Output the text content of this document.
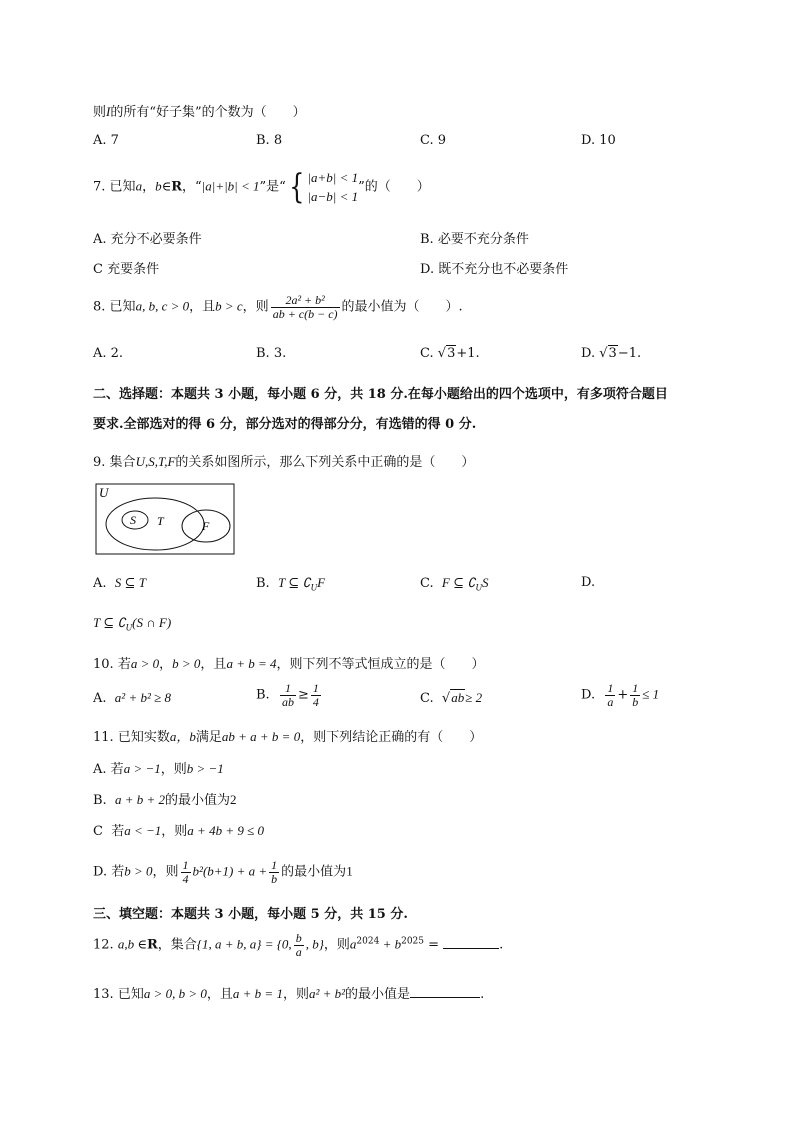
则I的所有“好子集”的个数为（　　）
A. 7	B. 8	C. 9	D. 10
7. 已知a，b∈R，“|a|+|b| < 1”是“{ |a+b| < 1
|a−b| < 1
”的（　　）
A. 充分不必要条件	B. 必要不充分条件
C 充要条件	D. 既不充分也不必要条件
8. 已知a, b, c > 0，且b > c，则 $\frac{\text{2a² + b²}}{ab + c(b - c)}$ 的最小值为（　　）.
A. 2.	B. 3.	C. √3+1.	D. √3−1.
二、选择题：本题共 3 小题，每小题 6 分，共 18 分.在每小题给出的四个选项中，有多项符合题目
要求.全部选对的得 6 分，部分选对的得部分分，有选错的得 0 分.
9. 集合U,S,T,F的关系如图所示，那么下列关系中正确的是（　　）
U
S T	F
A. S ⊆ T	B. T ⊆ $∁_UF$	C. F ⊆ $∁_US$	D.
T ⊆ $∁_U(S$ ∩ F)
10. 若a > 0，b > 0，且a + b = 4，则下列不等式恒成立的是（　　）
A. a² + b² ≥ 8	B. $\frac{1}{ab} \ge \frac{1}{4}$	C. √ab≥ 2	D. $\frac{1}{a} + \frac{1}{b} \le 1$
11. 已知实数a，b满足ab + a + b = 0，则下列结论正确的有（　　）
A. 若a > −1，则b > −1
B. a + b + 2的最小值为2
C 若a < −1，则a + 4b + 9 ≤ 0
D. 若b > 0，则 $\frac{1}{4} b^2(b+1) + a + \frac{1}{b}$ 的最小值为1
三、填空题：本题共 3 小题，每小题 5 分，共 15 分.
12. a,b ∈R，集合{1, a + b, a} = {0, $\frac{b}{a}$ , b}，则$a^{2024} + b^{2025}$ =	.
13. 已知a > 0, b > 0，且a + b = 1，则a² + b²的最小值是	.
